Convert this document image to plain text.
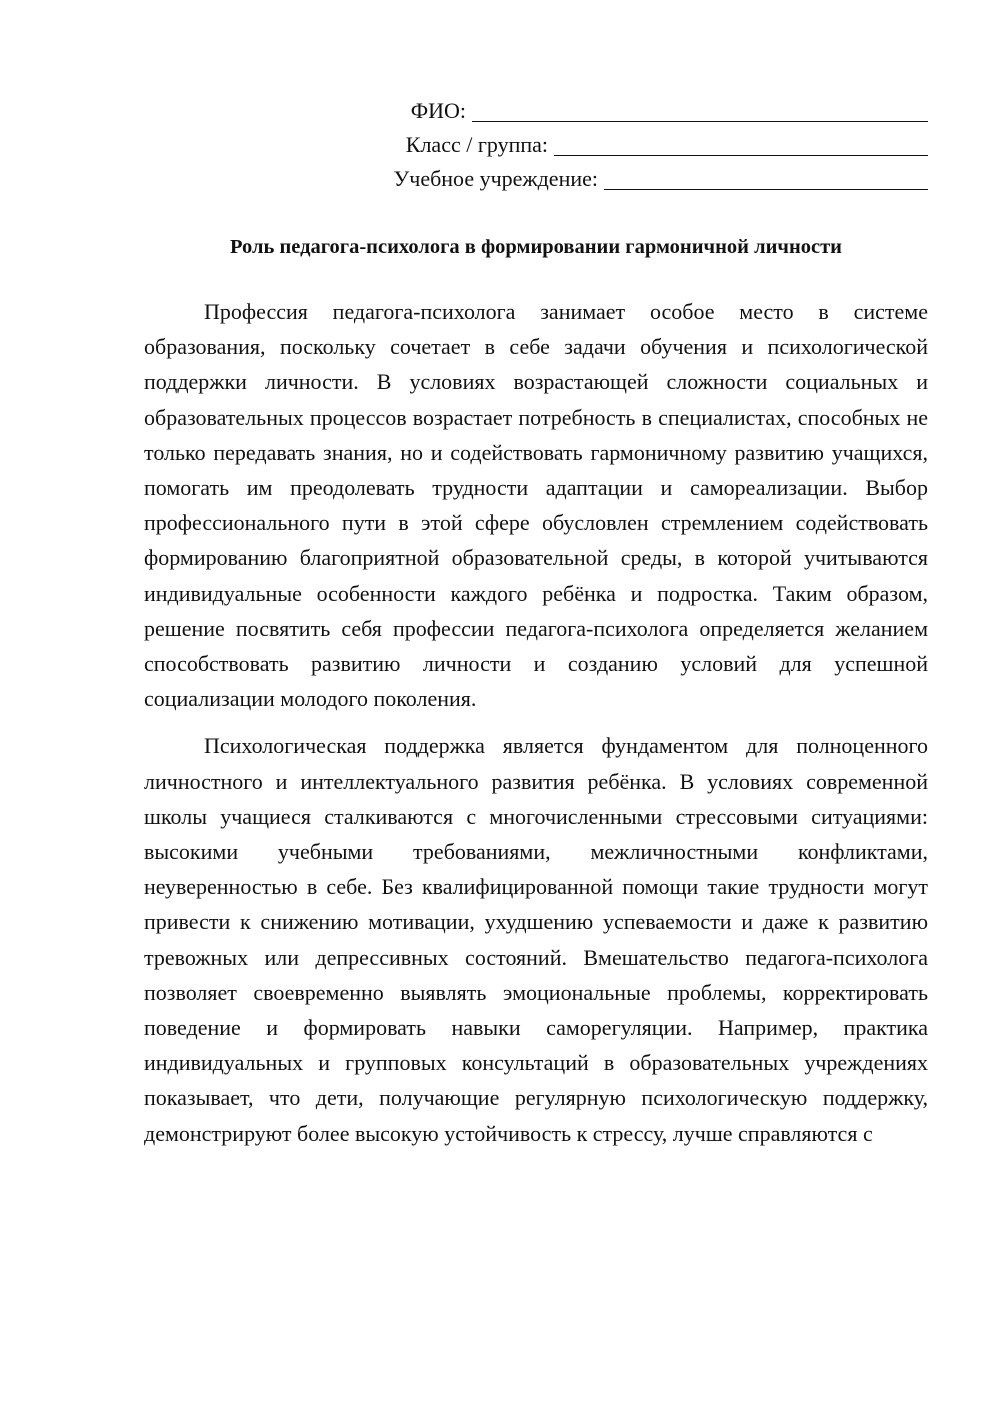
ФИО:
Класс / группа:
Учебное учреждение:
Роль педагога-психолога в формировании гармоничной личности

Профессия педагога-психолога занимает особое место в системе образования, поскольку сочетает в себе задачи обучения и психологической поддержки личности. В условиях возрастающей сложности социальных и образовательных процессов возрастает потребность в специалистах, способных не только передавать знания, но и содействовать гармоничному развитию учащихся, помогать им преодолевать трудности адаптации и самореализации. Выбор профессионального пути в этой сфере обусловлен стремлением содействовать формированию благоприятной образовательной среды, в которой учитываются индивидуальные особенности каждого ребёнка и подростка. Таким образом, решение посвятить себя профессии педагога-психолога определяется желанием способствовать развитию личности и созданию условий для успешной социализации молодого поколения.

Психологическая поддержка является фундаментом для полноценного личностного и интеллектуального развития ребёнка. В условиях современной школы учащиеся сталкиваются с многочисленными стрессовыми ситуациями: высокими учебными требованиями, межличностными конфликтами, неуверенностью в себе. Без квалифицированной помощи такие трудности могут привести к снижению мотивации, ухудшению успеваемости и даже к развитию тревожных или депрессивных состояний. Вмешательство педагога-психолога позволяет своевременно выявлять эмоциональные проблемы, корректировать поведение и формировать навыки саморегуляции. Например, практика индивидуальных и групповых консультаций в образовательных учреждениях показывает, что дети, получающие регулярную психологическую поддержку, демонстрируют более высокую устойчивость к стрессу, лучше справляются с
